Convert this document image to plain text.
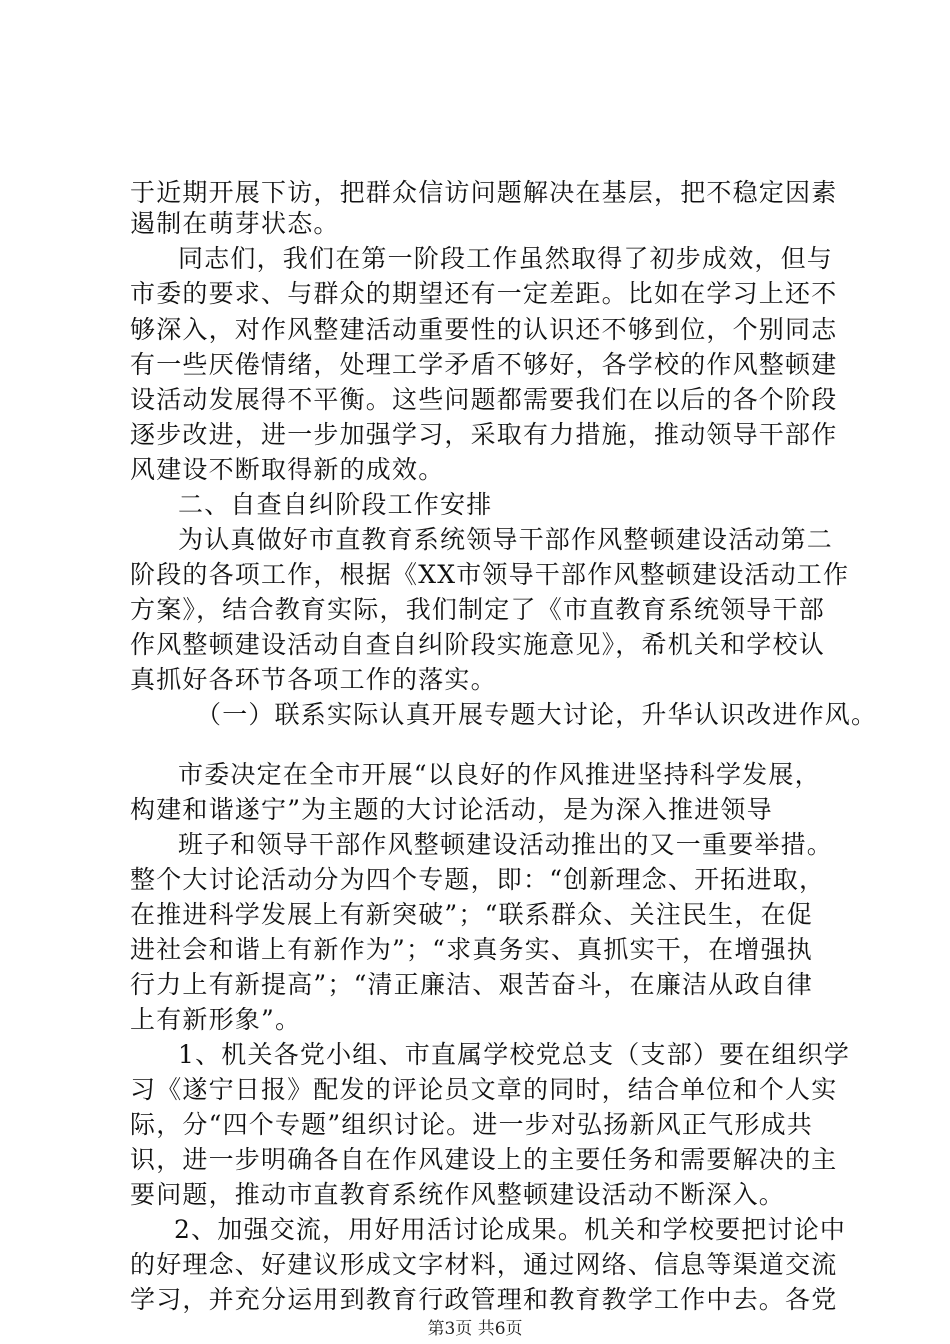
于近期开展下访，把群众信访问题解决在基层，把不稳定因素
遏制在萌芽状态。
同志们，我们在第一阶段工作虽然取得了初步成效，但与
市委的要求、与群众的期望还有一定差距。比如在学习上还不
够深入，对作风整建活动重要性的认识还不够到位，个别同志
有一些厌倦情绪，处理工学矛盾不够好，各学校的作风整顿建
设活动发展得不平衡。这些问题都需要我们在以后的各个阶段
逐步改进，进一步加强学习，采取有力措施，推动领导干部作
风建设不断取得新的成效。
二、自查自纠阶段工作安排
为认真做好市直教育系统领导干部作风整顿建设活动第二
阶段的各项工作，根据《XX市领导干部作风整顿建设活动工作
方案》，结合教育实际，我们制定了《市直教育系统领导干部
作风整顿建设活动自查自纠阶段实施意见》，希机关和学校认
真抓好各环节各项工作的落实。
（一）联系实际认真开展专题大讨论，升华认识改进作风。
市委决定在全市开展“以良好的作风推进坚持科学发展，
构建和谐遂宁”为主题的大讨论活动，是为深入推进领导
班子和领导干部作风整顿建设活动推出的又一重要举措。
整个大讨论活动分为四个专题，即：“创新理念、开拓进取，
在推进科学发展上有新突破”；“联系群众、关注民生，在促
进社会和谐上有新作为”；“求真务实、真抓实干，在增强执
行力上有新提高”；“清正廉洁、艰苦奋斗，在廉洁从政自律
上有新形象”。
1、机关各党小组、市直属学校党总支（支部）要在组织学
习《遂宁日报》配发的评论员文章的同时，结合单位和个人实
际，分“四个专题”组织讨论。进一步对弘扬新风正气形成共
识，进一步明确各自在作风建设上的主要任务和需要解决的主
要问题，推动市直教育系统作风整顿建设活动不断深入。
2、加强交流，用好用活讨论成果。机关和学校要把讨论中
的好理念、好建议形成文字材料，通过网络、信息等渠道交流
学习，并充分运用到教育行政管理和教育教学工作中去。各党
第3页 共6页
